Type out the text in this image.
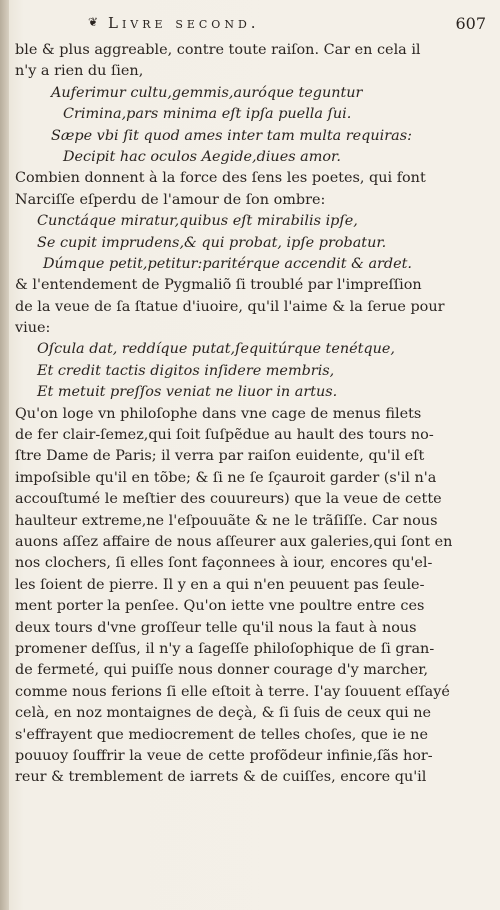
❦ Livre second.	607
ble & plus aggreable, contre toute raiſon. Car en cela il
n'y a rien du ſien,
Auferimur cultu,gemmis,auróque teguntur
Crimina,pars minima eſt ipſa puella ſui.
Sæpe vbi ſit quod ames inter tam multa requiras:
Decipit hac oculos Aegide,diues amor.
Combien donnent à la force des ſens les poetes, qui font
Narciſſe eſperdu de l'amour de ſon ombre:
Cunctáque miratur,quibus eſt mirabilis ipſe,
Se cupit imprudens,& qui probat, ipſe probatur.
Dúmque petit,petitur:paritérque accendit & ardet.
& l'entendement de Pygmaliõ ſi troublé par l'impreſſion
de la veue de ſa ſtatue d'iuoire, qu'il l'aime & la ſerue pour
viue:
Oſcula dat, reddíque putat,ſequitúrque tenétque,
Et credit tactis digitos inſidere membris,
Et metuit preſſos veniat ne liuor in artus.
Qu'on loge vn philoſophe dans vne cage de menus filets
de fer clair-ſemez,qui ſoit ſuſpẽdue au hault des tours no-
ſtre Dame de Paris; il verra par raiſon euidente, qu'il eſt
impoſsible qu'il en tõbe; & ſi ne ſe ſçauroit garder (s'il n'a
accouſtumé le meſtier des couureurs) que la veue de cette
haulteur extreme,ne l'eſpouuãte & ne le trãſiſſe. Car nous
auons aſſez affaire de nous aſſeurer aux galeries,qui ſont en
nos clochers, ſi elles ſont façonnees à iour, encores qu'el-
les ſoient de pierre. Il y en a qui n'en peuuent pas ſeule-
ment porter la penſee. Qu'on iette vne poultre entre ces
deux tours d'vne groſſeur telle qu'il nous la faut à nous
promener deſſus, il n'y a ſageſſe philoſophique de ſi gran-
de fermeté, qui puiſſe nous donner courage d'y marcher,
comme nous ferions ſi elle eſtoit à terre. I'ay ſouuent eſſayé
celà, en noz montaignes de deçà, & ſi ſuis de ceux qui ne
s'effrayent que mediocrement de telles choſes, que ie ne
pouuoy ſouffrir la veue de cette profõdeur infinie,ſãs hor-
reur & tremblement de iarrets & de cuiſſes, encore qu'il
